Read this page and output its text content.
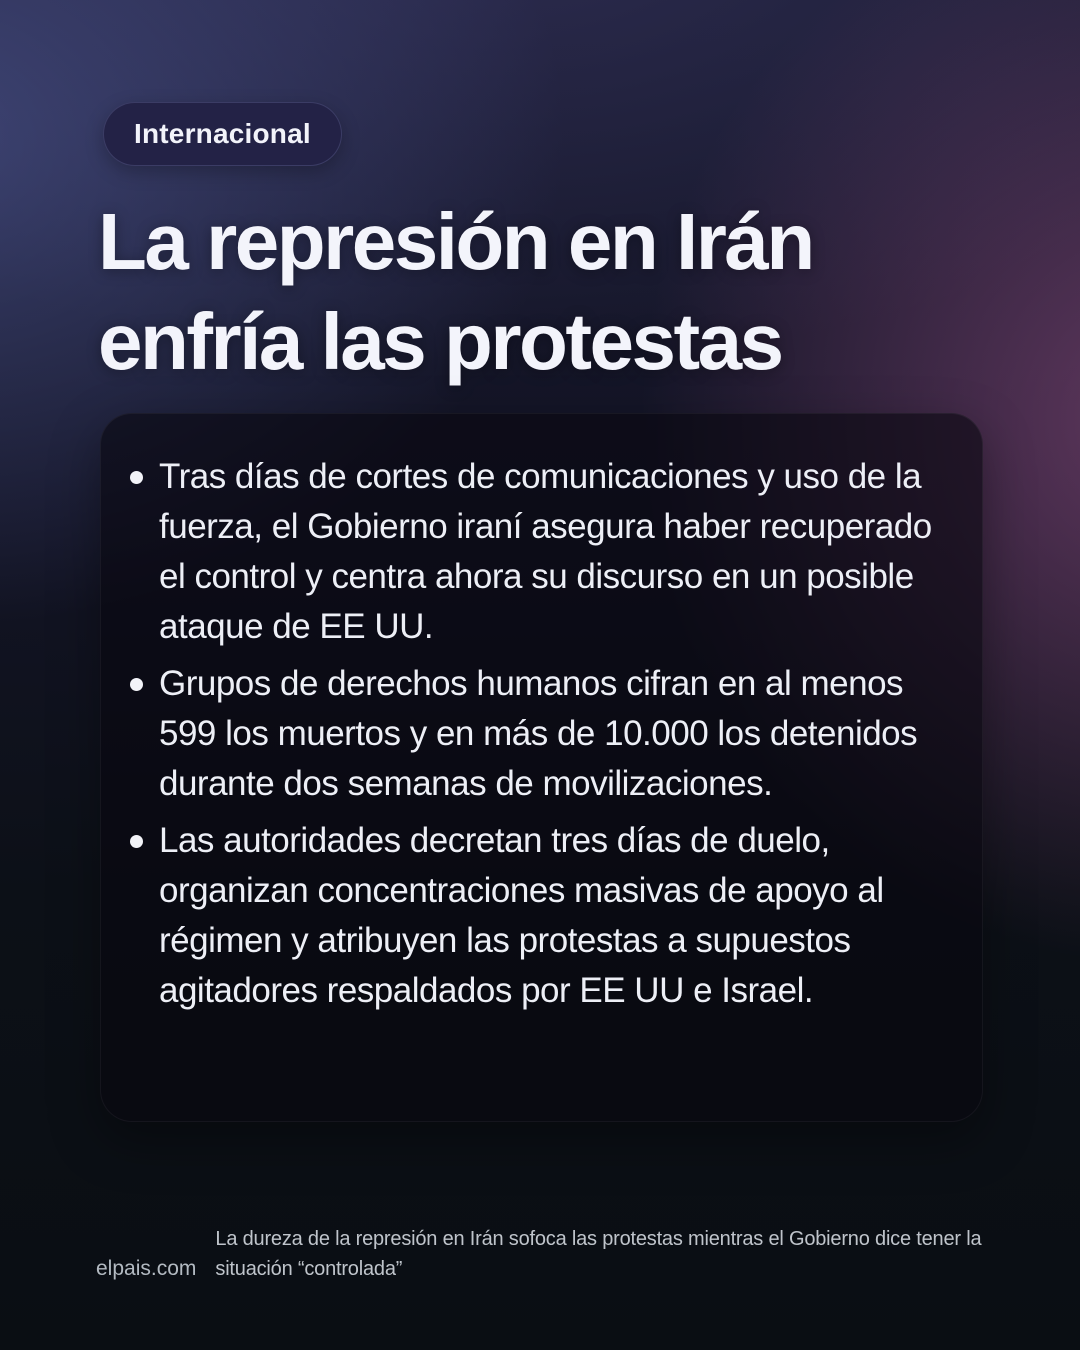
Internacional
La represión en Irán
enfría las protestas
Tras días de cortes de comunicaciones y uso de la fuerza, el Gobierno iraní asegura haber recuperado el control y centra ahora su discurso en un posible ataque de EE UU.
Grupos de derechos humanos cifran en al menos 599 los muertos y en más de 10.000 los detenidos durante dos semanas de movilizaciones.
Las autoridades decretan tres días de duelo, organizan concentraciones masivas de apoyo al régimen y atribuyen las protestas a supuestos agitadores respaldados por EE UU e Israel.
elpais.com

La dureza de la represión en Irán sofoca las protestas mientras el Gobierno dice tener la situación “controlada”
